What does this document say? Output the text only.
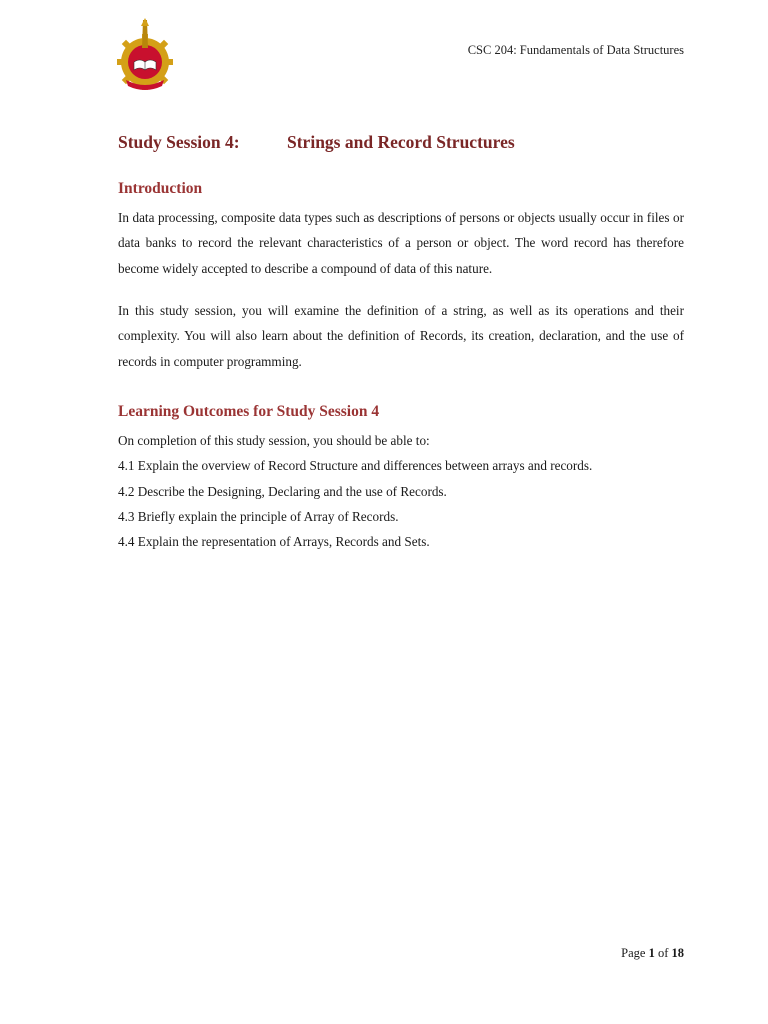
CSC 204: Fundamentals of Data Structures
Study Session 4:	Strings and Record Structures
Introduction

In data processing, composite data types such as descriptions of persons or objects usually occur in files or data banks to record the relevant characteristics of a person or object. The word record has therefore become widely accepted to describe a compound of data of this nature.

In this study session, you will examine the definition of a string, as well as its operations and their complexity. You will also learn about the definition of Records, its creation, declaration, and the use of records in computer programming.

Learning Outcomes for Study Session 4
On completion of this study session, you should be able to:
4.1 Explain the overview of Record Structure and differences between arrays and records.
4.2 Describe the Designing, Declaring and the use of Records.
4.3 Briefly explain the principle of Array of Records.
4.4 Explain the representation of Arrays, Records and Sets.
Page 1 of 18
